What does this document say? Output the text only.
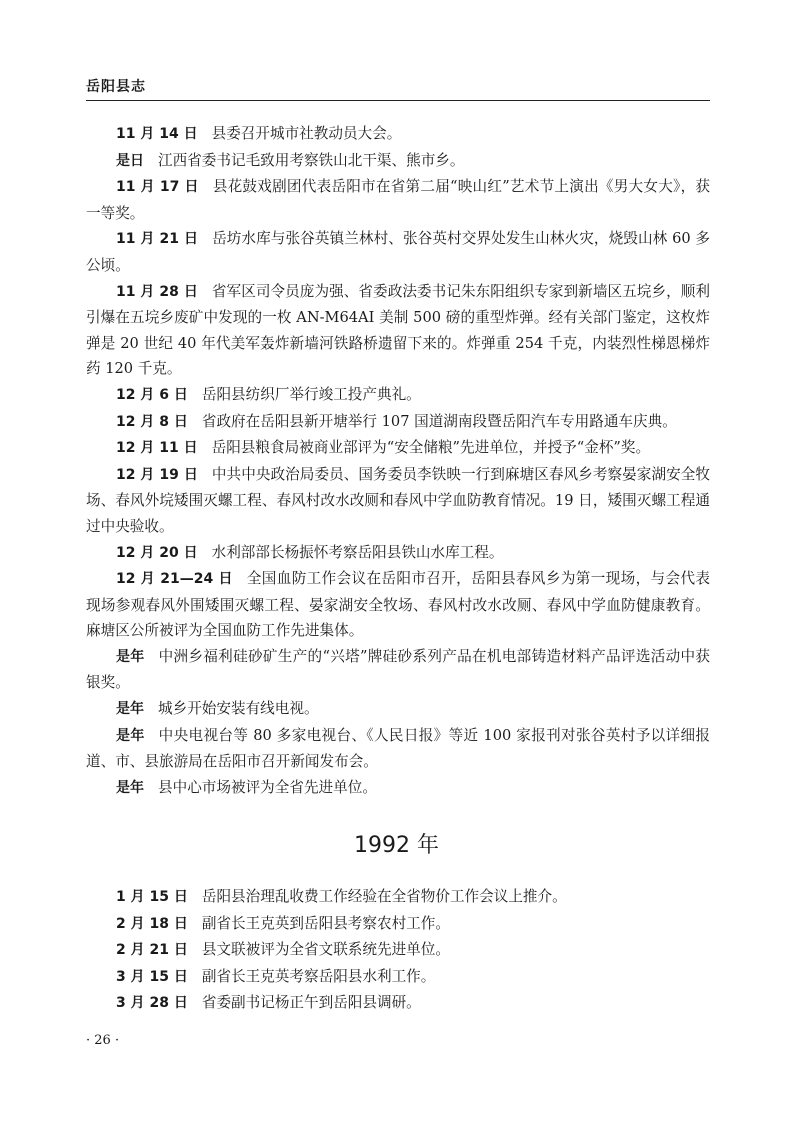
岳阳县志

11 月 14 日 县委召开城市社教动员大会。

是日 江西省委书记毛致用考察铁山北干渠、熊市乡。

11 月 17 日 县花鼓戏剧团代表岳阳市在省第二届“映山红”艺术节上演出《男大女大》，获一等奖。

11 月 21 日 岳坊水库与张谷英镇兰林村、张谷英村交界处发生山林火灾，烧毁山林 60 多公顷。

11 月 28 日 省军区司令员庞为强、省委政法委书记朱东阳组织专家到新墙区五垸乡，顺利引爆在五垸乡废矿中发现的一枚 AN-M64AI 美制 500 磅的重型炸弹。经有关部门鉴定，这枚炸弹是 20 世纪 40 年代美军轰炸新墙河铁路桥遗留下来的。炸弹重 254 千克，内装烈性梯恩梯炸药 120 千克。

12 月 6 日 岳阳县纺织厂举行竣工投产典礼。

12 月 8 日 省政府在岳阳县新开塘举行 107 国道湖南段暨岳阳汽车专用路通车庆典。

12 月 11 日 岳阳县粮食局被商业部评为“安全储粮”先进单位，并授予“金杯”奖。

12 月 19 日 中共中央政治局委员、国务委员李铁映一行到麻塘区春风乡考察晏家湖安全牧场、春风外垸矮围灭螺工程、春风村改水改厕和春风中学血防教育情况。19 日，矮围灭螺工程通过中央验收。

12 月 20 日 水利部部长杨振怀考察岳阳县铁山水库工程。

12 月 21—24 日 全国血防工作会议在岳阳市召开，岳阳县春风乡为第一现场，与会代表现场参观春风外围矮围灭螺工程、晏家湖安全牧场、春风村改水改厕、春风中学血防健康教育。麻塘区公所被评为全国血防工作先进集体。

是年 中洲乡福利硅砂矿生产的“兴塔”牌硅砂系列产品在机电部铸造材料产品评选活动中获银奖。

是年 城乡开始安装有线电视。

是年 中央电视台等 80 多家电视台、《人民日报》等近 100 家报刊对张谷英村予以详细报道、市、县旅游局在岳阳市召开新闻发布会。

是年 县中心市场被评为全省先进单位。

1992 年

1 月 15 日 岳阳县治理乱收费工作经验在全省物价工作会议上推介。

2 月 18 日 副省长王克英到岳阳县考察农村工作。

2 月 21 日 县文联被评为全省文联系统先进单位。

3 月 15 日 副省长王克英考察岳阳县水利工作。

3 月 28 日 省委副书记杨正午到岳阳县调研。

· 26 ·
